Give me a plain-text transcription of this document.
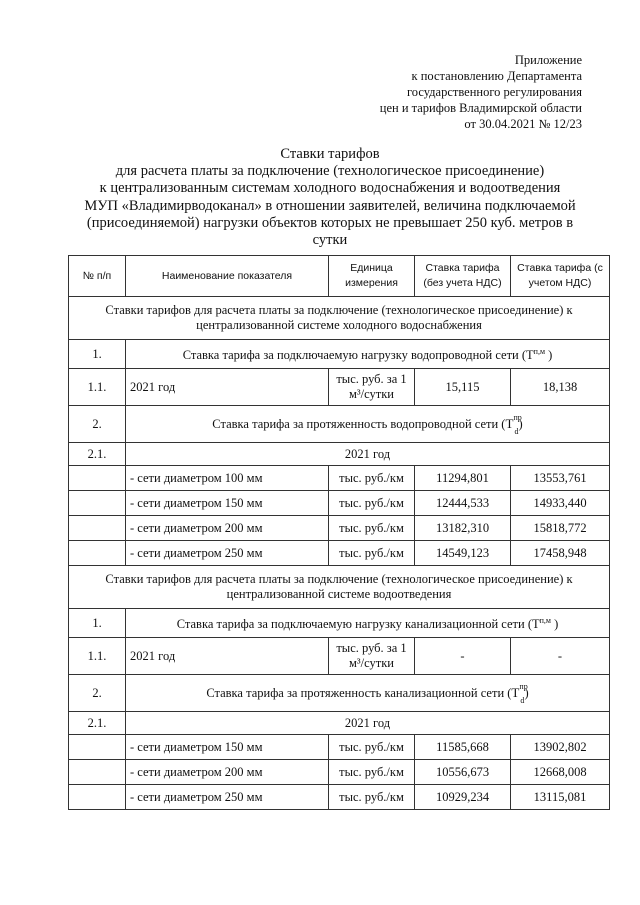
Приложение
к постановлению Департамента
государственного регулирования
цен и тарифов Владимирской области
от 30.04.2021 № 12/23
Ставки тарифов
для расчета платы за подключение (технологическое присоединение)
к централизованным системам холодного водоснабжения и водоотведения
МУП «Владимирводоканал» в отношении заявителей, величина подключаемой
(присоединяемой) нагрузки объектов которых не превышает 250 куб. метров в
сутки
№ п/п	Наименование показателя	Единица измерения	Ставка тарифа (без учета НДС)	Ставка тарифа (с учетом НДС)
Ставки тарифов для расчета платы за подключение (технологическое присоединение) к централизованной системе холодного водоснабжения				
1.	Ставка тарифа за подключаемую нагрузку водопроводной сети ($T^{п,м}$ )			
1.1.	2021 год	тыс. руб. за 1 м³/сутки	15,115	18,138
2.	Ставка тарифа за протяженность водопроводной сети (T пр
d
)			
2.1.	2021 год			
	- сети диаметром 100 мм	тыс. руб./км	11294,801	13553,761
	- сети диаметром 150 мм	тыс. руб./км	12444,533	14933,440
	- сети диаметром 200 мм	тыс. руб./км	13182,310	15818,772
	- сети диаметром 250 мм	тыс. руб./км	14549,123	17458,948
Ставки тарифов для расчета платы за подключение (технологическое присоединение) к централизованной системе водоотведения				
1.	Ставка тарифа за подключаемую нагрузку канализационной сети ($T^{п,м}$ )			
1.1.	2021 год	тыс. руб. за 1 м³/сутки	-	-
2.	Ставка тарифа за протяженность канализационной сети (T пр
d
)			
2.1.	2021 год			
	- сети диаметром 150 мм	тыс. руб./км	11585,668	13902,802
	- сети диаметром 200 мм	тыс. руб./км	10556,673	12668,008
	- сети диаметром 250 мм	тыс. руб./км	10929,234	13115,081
